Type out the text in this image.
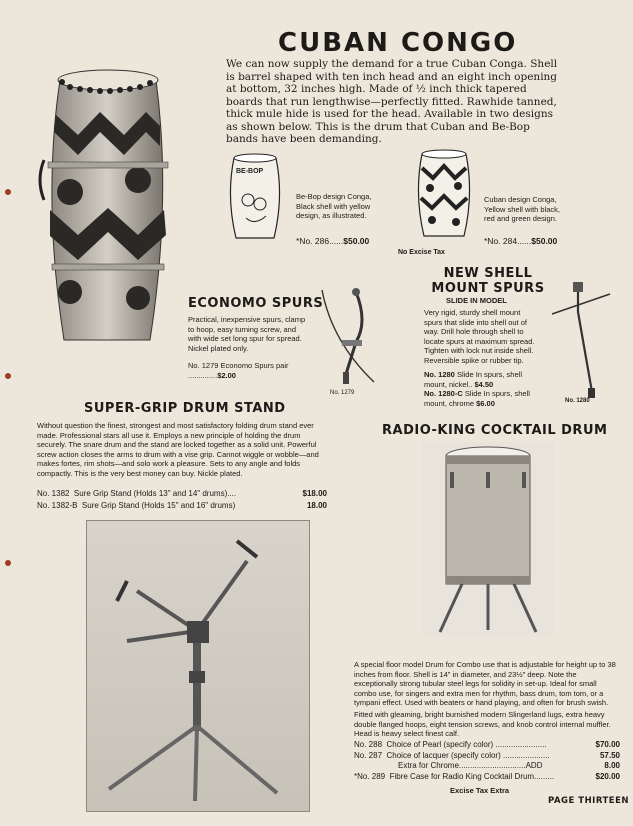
CUBAN CONGO
We can now supply the demand for a true Cuban Conga. Shell is barrel shaped with ten inch head and an eight inch opening at bottom, 32 inches high. Made of ½ inch thick tapered boards that run lengthwise—perfectly fitted. Rawhide tanned, thick mule hide is used for the head. Available in two designs as shown below. This is the drum that Cuban and Be-Bop bands have been demanding.
BE-BOP
Be-Bop design Conga, Black shell with yellow design, as illustrated.
*No. 286......$50.00
Cuban design Conga, Yellow shell with black, red and green design.
*No. 284......$50.00
No Excise Tax
ECONOMO SPURS
Practical, inexpensive spurs, clamp to hoop, easy turning screw, and with wide set long spur for spread. Nickel plated only.
No. 1279 Economo Spurs pair ..............$2.00
No. 1279
NEW SHELL
MOUNT SPURS
SLIDE IN MODEL
Very rigid, sturdy shell mount spurs that slide into shell out of way. Drill hole through shell to locate spurs at maximum spread. Tighten with lock nut inside shell. Reversible spike or rubber tip.
No. 1280 Slide In spurs, shell mount, nickel.. $4.50
No. 1280-C Slide In spurs, shell mount, chrome $6.00	No. 1280
SUPER-GRIP DRUM STAND
Without question the finest, strongest and most satisfactory folding drum stand ever made. Professional stars all use it. Employs a new principle of holding the drum securely. The snare drum and the stand are locked together as a solid unit. Powerful screw action closes the arms to drum with a vise grip. Cannot wiggle or wobble—and makes fortes, rim shots—and solo work a pleasure. Sets to any angle and folds compactly. This is the very best money can buy. Nickle plated.
No. 1382 Sure Grip Stand (Holds 13" and 14" drums)....	$18.00
No. 1382-B Sure Grip Stand (Holds 15" and 16" drums)	18.00
RADIO-KING COCKTAIL DRUM
A special floor model Drum for Combo use that is adjustable for height up to 38 inches from floor. Shell is 14" in diameter, and 23½" deep. Note the exceptionally strong tubular steel legs for solidity in set-up. Ideal for small combo use, for singers and extra men for rhythm, bass drum, tom tom, or a tympani effect. Used with beaters or hand playing, and often for brush swish.
Fitted with gleaming, bright burnished modern Slingerland lugs, extra heavy double flanged hoops, eight tension screws, and knob control internal muffler. Head is heavy select finest calf.
No. 288 Choice of Pearl (specify color) .......................	$70.00
No. 287 Choice of lacquer (specify color) .....................	57.50
Extra for Chrome..............................ADD	8.00
*No. 289 Fibre Case for Radio King Cocktail Drum.........	$20.00
Excise Tax Extra
PAGE THIRTEEN
